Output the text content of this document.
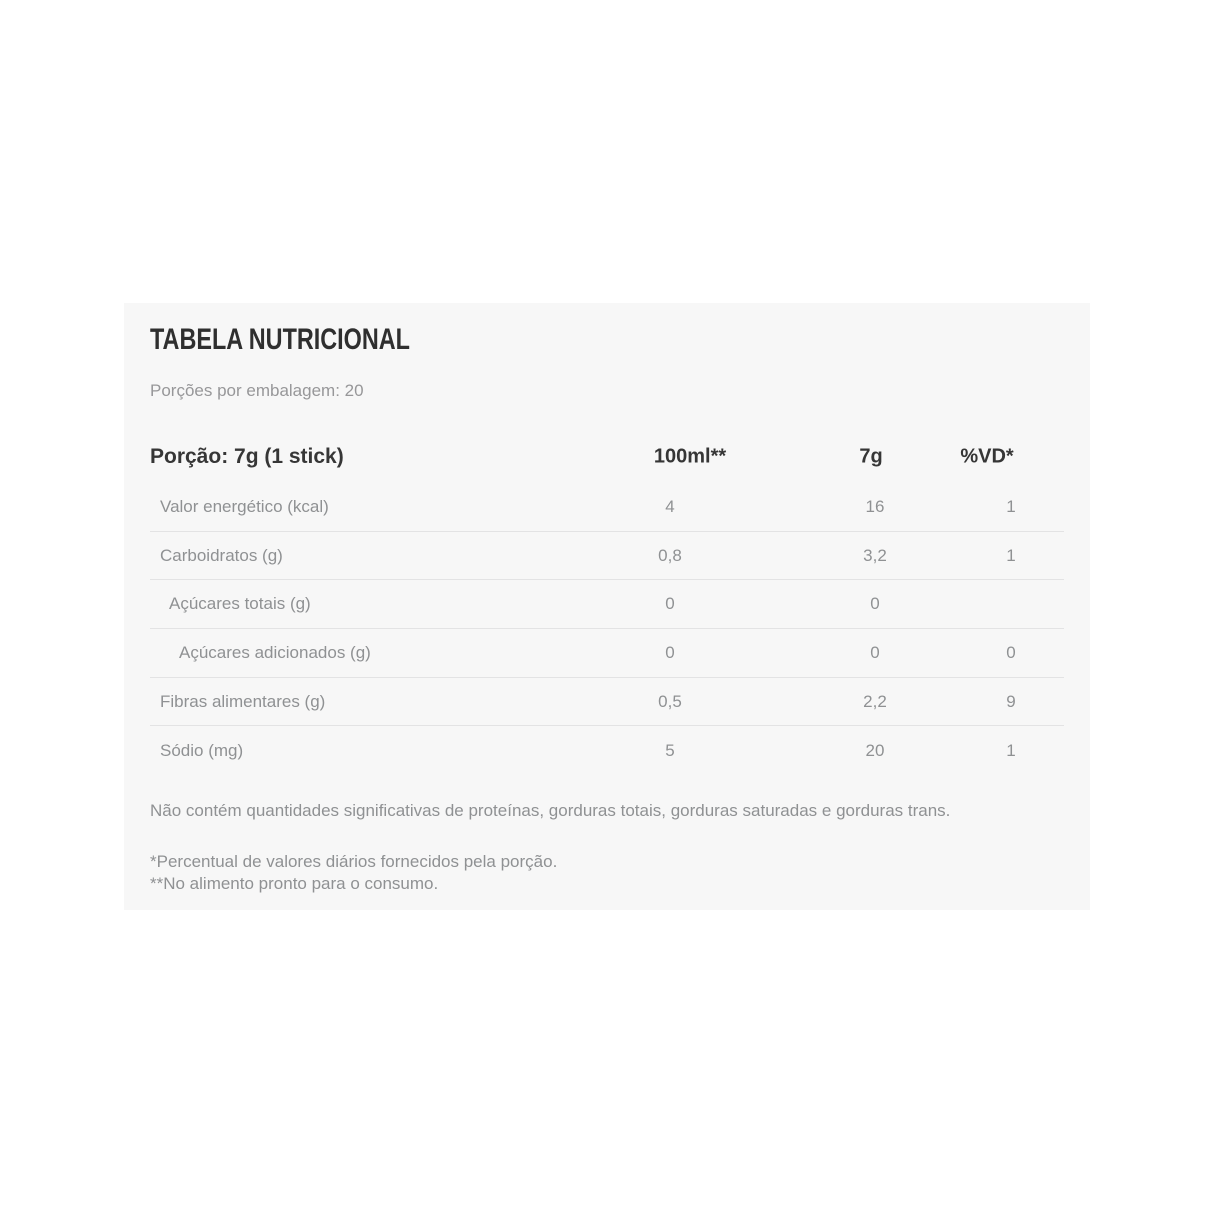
TABELA NUTRICIONAL
Porções por embalagem: 20
Porção: 7g (1 stick)	100ml**	7g	%VD*
Valor energético (kcal)	4	16	1
Carboidratos (g)	0,8	3,2	1
Açúcares totais (g)	0	0
Açúcares adicionados (g)	0	0	0
Fibras alimentares (g)	0,5	2,2	9
Sódio (mg)	5	20	1

Não contém quantidades significativas de proteínas, gorduras totais, gorduras saturadas e gorduras trans.

*Percentual de valores diários fornecidos pela porção.
**No alimento pronto para o consumo.
